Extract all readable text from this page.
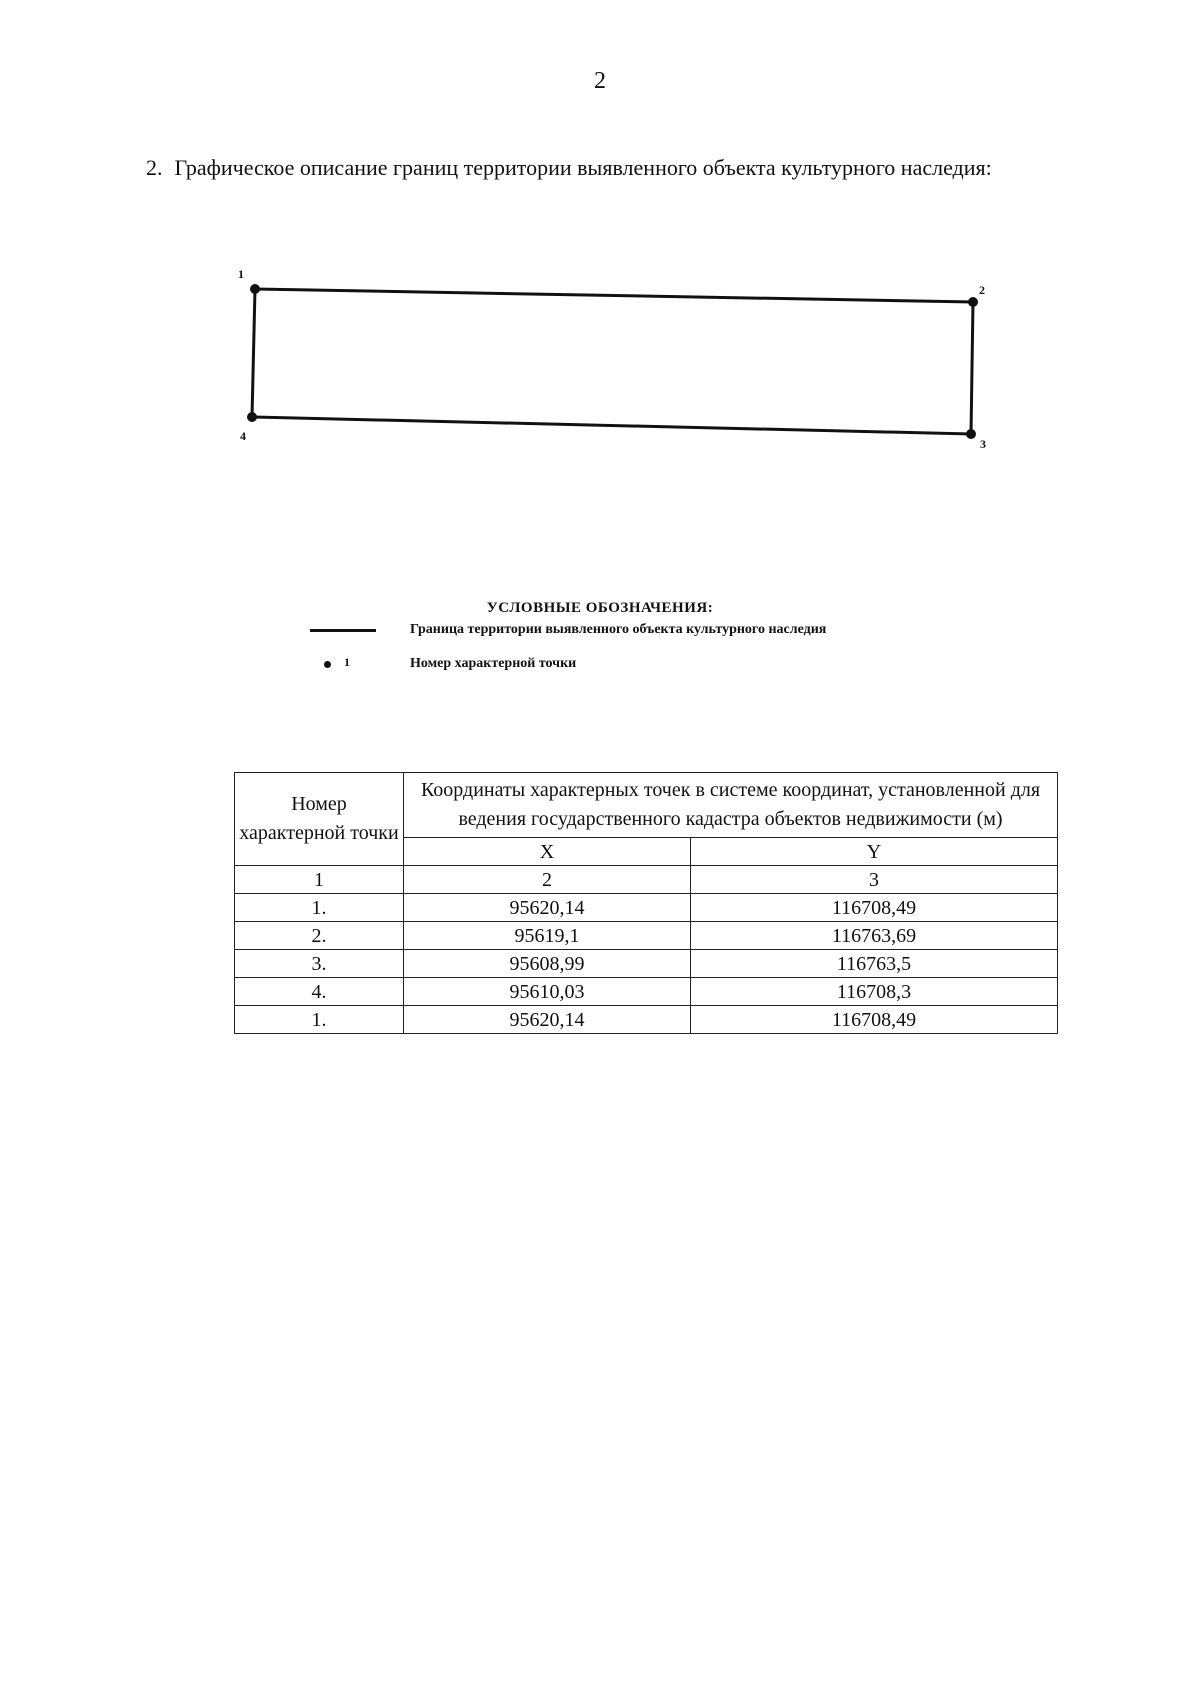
2
2. Графическое описание границ территории выявленного объекта культурного наследия:
1
2
3
4
УСЛОВНЫЕ ОБОЗНАЧЕНИЯ:
Граница территории выявленного объекта культурного наследия
1	Номер характерной точки
Номер характерной точки	Координаты характерных точек в системе координат, установленной для ведения государственного кадастра объектов недвижимости (м)	
	X	Y
1	2	3
1.	95620,14	116708,49
2.	95619,1	116763,69
3.	95608,99	116763,5
4.	95610,03	116708,3
1.	95620,14	116708,49
